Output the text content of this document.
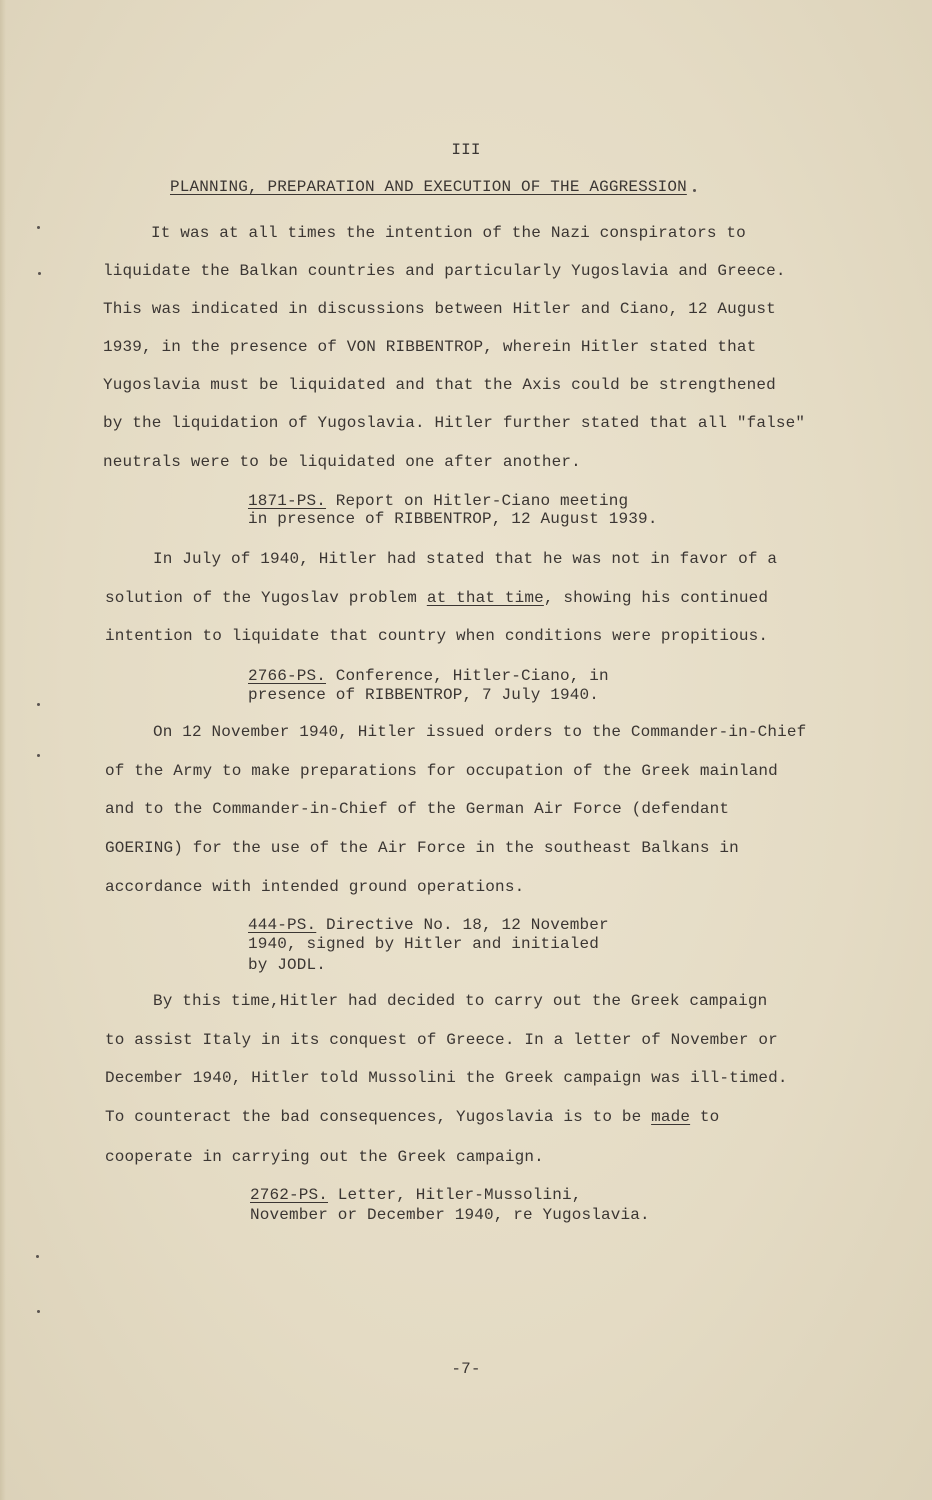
III
PLANNING, PREPARATION AND EXECUTION OF THE AGGRESSION
It was at all times the intention of the Nazi conspirators to
liquidate the Balkan countries and particularly Yugoslavia and Greece.
This was indicated in discussions between Hitler and Ciano, 12 August
1939, in the presence of VON RIBBENTROP, wherein Hitler stated that
Yugoslavia must be liquidated and that the Axis could be strengthened
by the liquidation of Yugoslavia. Hitler further stated that all "false"
neutrals were to be liquidated one after another.
1871-PS. Report on Hitler-Ciano meeting
in presence of RIBBENTROP, 12 August 1939.
In July of 1940, Hitler had stated that he was not in favor of a
solution of the Yugoslav problem at that time, showing his continued
intention to liquidate that country when conditions were propitious.
2766-PS. Conference, Hitler-Ciano, in
presence of RIBBENTROP, 7 July 1940.
On 12 November 1940, Hitler issued orders to the Commander-in-Chief
of the Army to make preparations for occupation of the Greek mainland
and to the Commander-in-Chief of the German Air Force (defendant
GOERING) for the use of the Air Force in the southeast Balkans in
accordance with intended ground operations.
444-PS. Directive No. 18, 12 November
1940, signed by Hitler and initialed
by JODL.
By this time,Hitler had decided to carry out the Greek campaign
to assist Italy in its conquest of Greece. In a letter of November or
December 1940, Hitler told Mussolini the Greek campaign was ill-timed.
To counteract the bad consequences, Yugoslavia is to be made to
cooperate in carrying out the Greek campaign.
2762-PS. Letter, Hitler-Mussolini,
November or December 1940, re Yugoslavia.
-7-
